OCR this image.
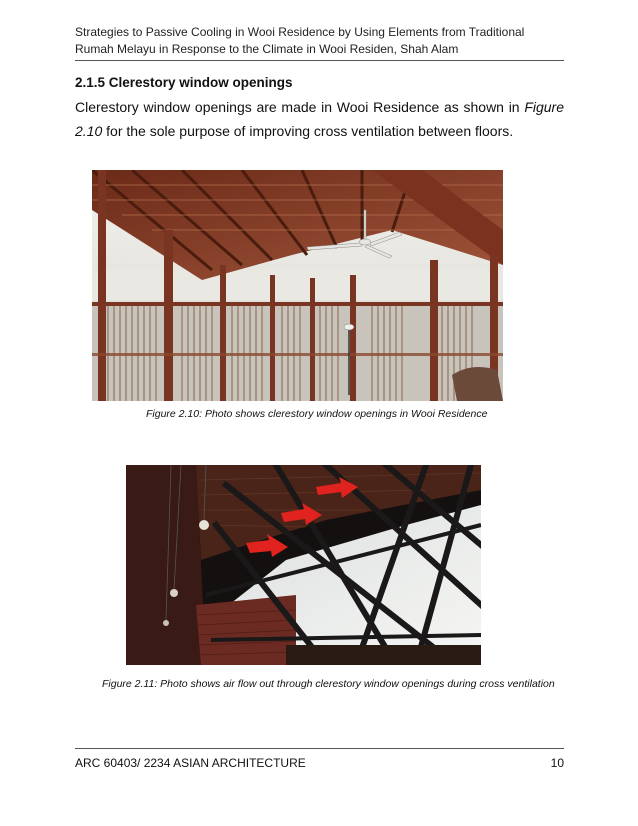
Strategies to Passive Cooling in Wooi Residence by Using Elements from Traditional Rumah Melayu in Response to the Climate in Wooi Residen, Shah Alam
2.1.5 Clerestory window openings
Clerestory window openings are made in Wooi Residence as shown in Figure 2.10 for the sole purpose of improving cross ventilation between floors.
Figure 2.10: Photo shows clerestory window openings in Wooi Residence
Figure 2.11: Photo shows air flow out through clerestory window openings during cross ventilation
ARC 60403/ 2234 ASIAN ARCHITECTURE	10
